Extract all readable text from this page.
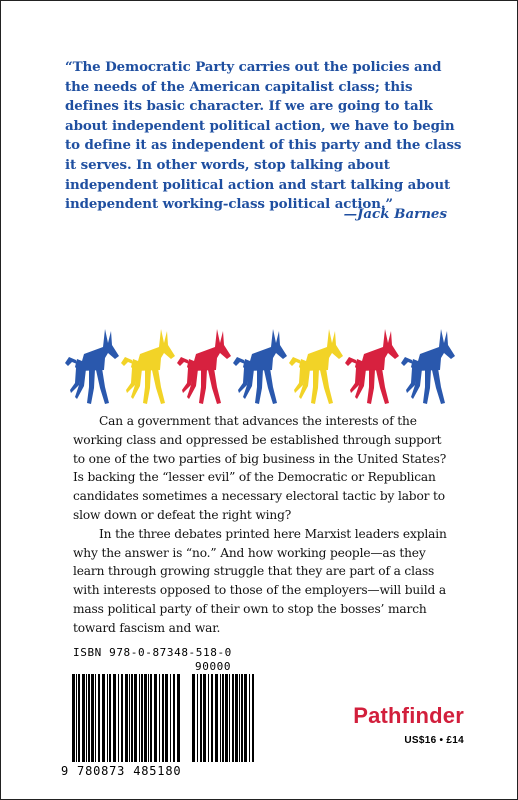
“The Democratic Party carries out the policies and the needs of the American capitalist class; this defines its basic character. If we are going to talk about independent political action, we have to begin to define it as independent of this party and the class it serves. In other words, stop talking about independent political action and start talking about independent working-class political action.”

—Jack Barnes

Can a government that advances the interests of the working class and oppressed be established through support to one of the two parties of big business in the United States? Is backing the “lesser evil” of the Democratic or Republican candidates sometimes a necessary electoral tactic by labor to slow down or defeat the right wing?

In the three debates printed here Marxist leaders explain why the answer is “no.” And how working people—as they learn through growing struggle that they are part of a class with interests opposed to those of the employers—will build a mass political party of their own to stop the bosses’ march toward fascism and war.

ISBN 978-0-87348-518-0

90000

9 780873 485180

Pathfinder

US$16 • £14
